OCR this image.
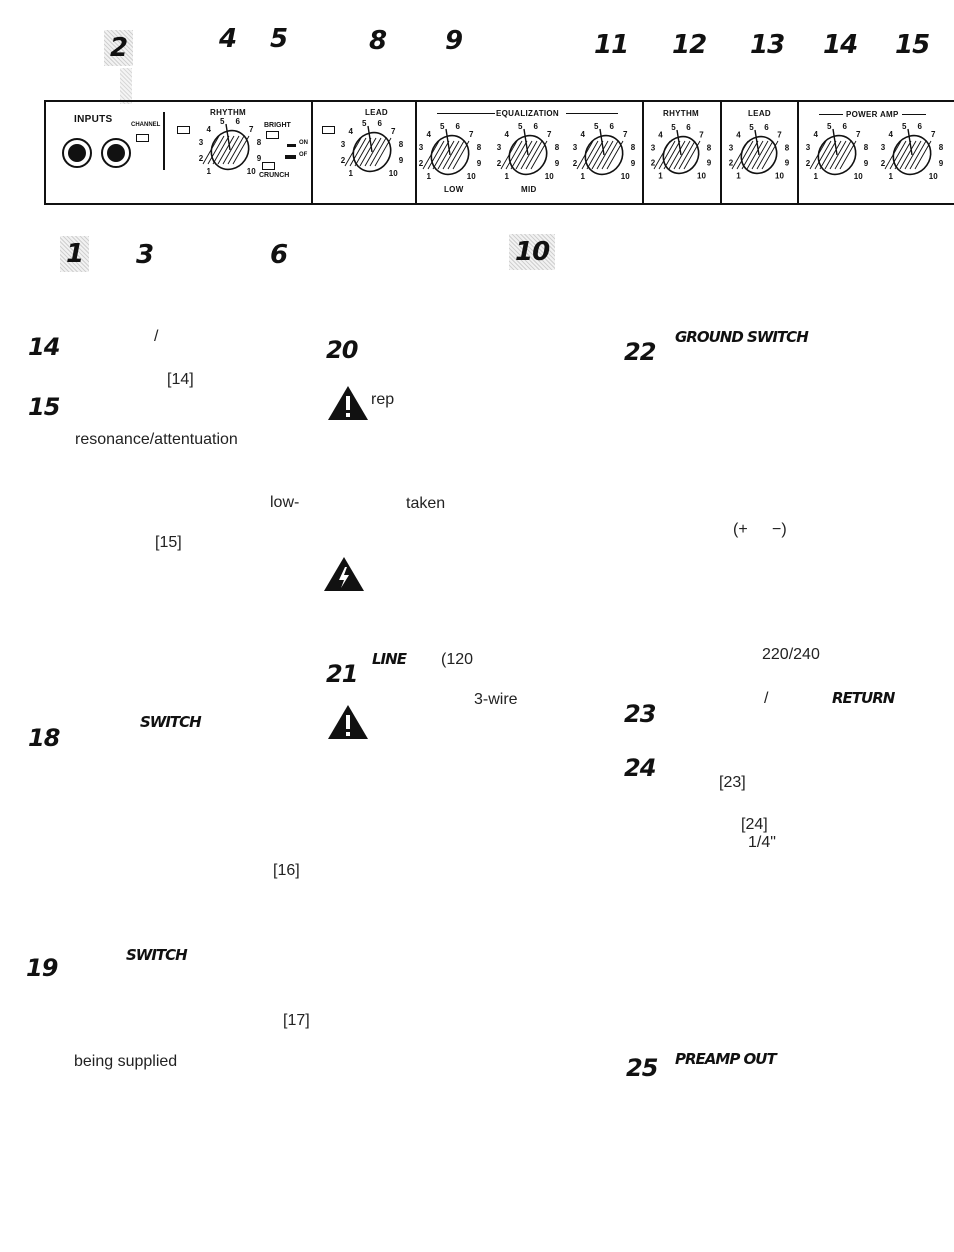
2	4 5	8 9	11 12 13 14 15
INPUTS	CHANNEL
RHYTHM
BRIGHT
ON
OF
CRUNCH
LEAD	EQUALIZATION
LOW	MID
RHYTHM	LEAD	POWER AMP
1
2
3
4
5 6
7
8
9
10	1
2
3
4
5 6
7
8
9
10	1
2
3
4
5 6
7
8
9
10	1
2
3
4
5 6
7
8
9
10	1
2
3
4
5 6
7
8
9
10	1
2
3
4
5 6
7
8
9
10	1
2
3
4
5 6
7
8
9
10	1
2
3
4
5 6
7
8
9
10	1
2
3
4
5 6
7
8
9
10
1 3	6	10
14	/
[14]
15
resonance/attentuation
low-
[15]
SWITCH
18
[16]
SWITCH
19
[17]
being supplied
20
rep
taken
LINE (120
21
3-wire
GROUND SWITCH
22
(+ −)
220/240
/	RETURN
23
24
[23]
[24]
1/4"
PREAMP OUT
25
